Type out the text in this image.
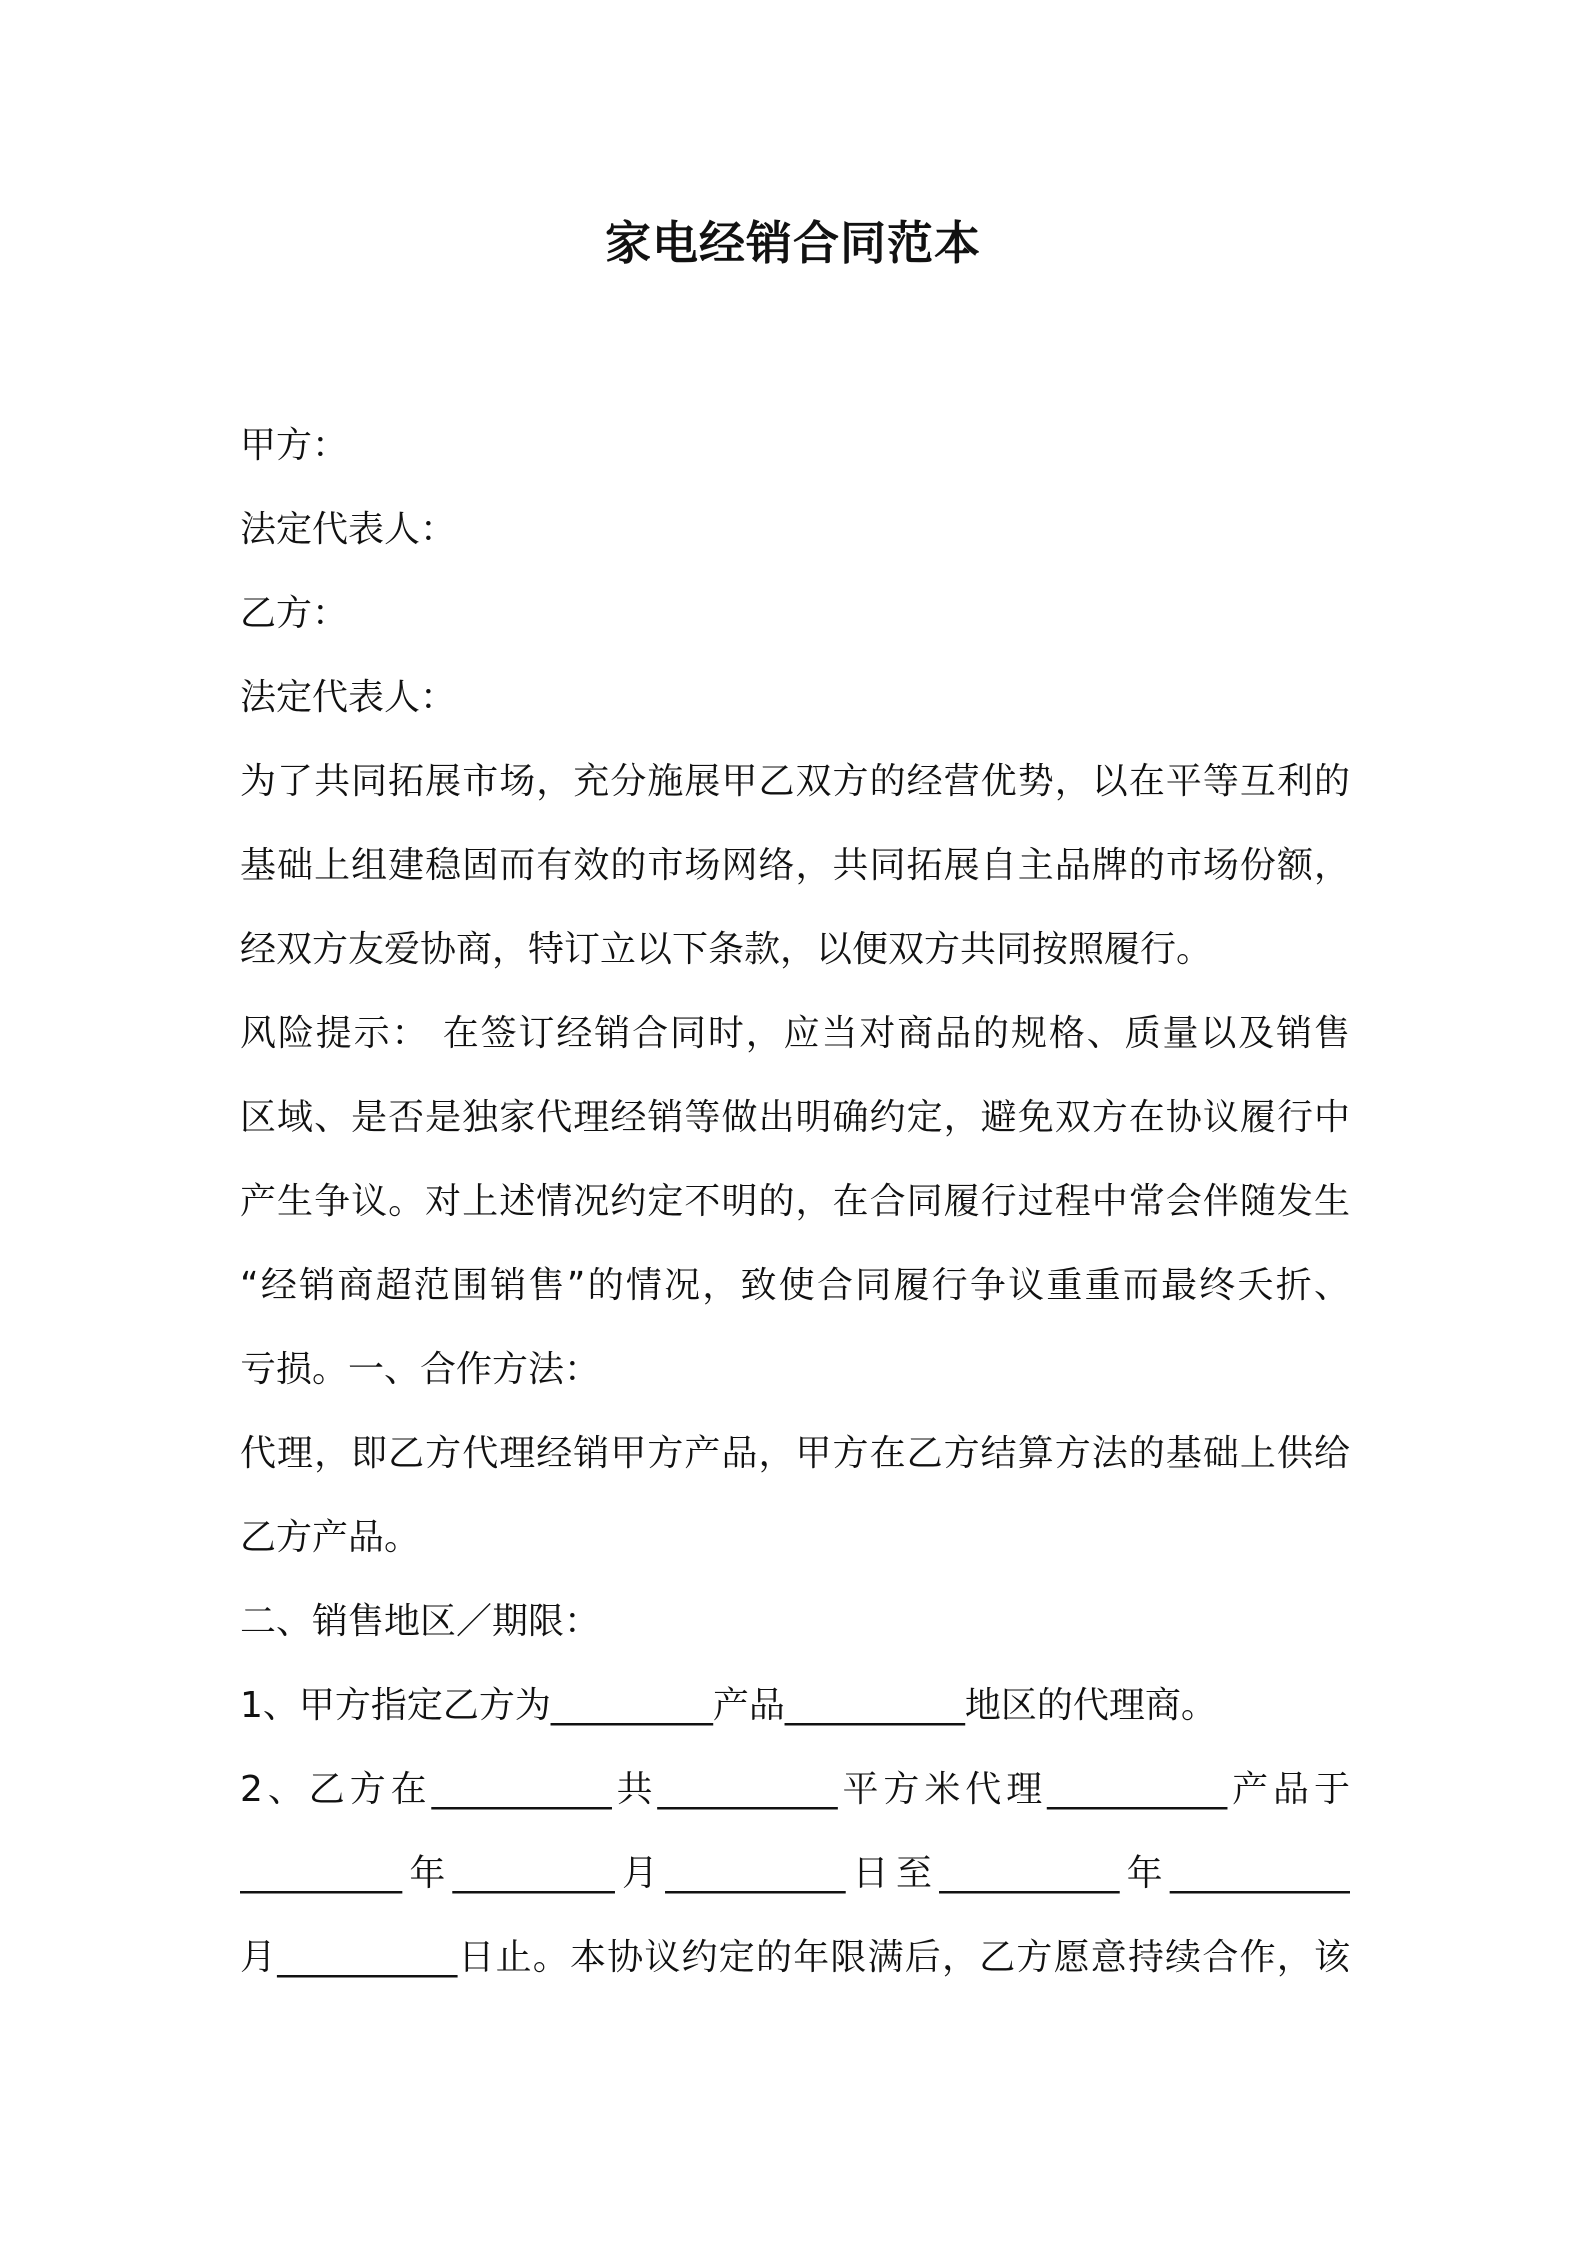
家电经销合同范本
甲方：
法定代表人：
乙方：
法定代表人：
为了共同拓展市场，充分施展甲乙双方的经营优势，以在平等互利的
基础上组建稳固而有效的市场网络，共同拓展自主品牌的市场份额，
经双方友爱协商，特订立以下条款，以便双方共同按照履行。
风险提示： 在签订经销合同时，应当对商品的规格、质量以及销售
区域、是否是独家代理经销等做出明确约定，避免双方在协议履行中
产生争议。对上述情况约定不明的，在合同履行过程中常会伴随发生
“经销商超范围销售”的情况，致使合同履行争议重重而最终夭折、
亏损。一、合作方法：
代理，即乙方代理经销甲方产品，甲方在乙方结算方法的基础上供给
乙方产品。
二、销售地区／期限：
1、甲方指定乙方为_________产品__________地区的代理商。
2、乙方在__________共__________平方米代理__________产品于
_________年_________月__________日至__________年__________
月__________日止。本协议约定的年限满后，乙方愿意持续合作，该
